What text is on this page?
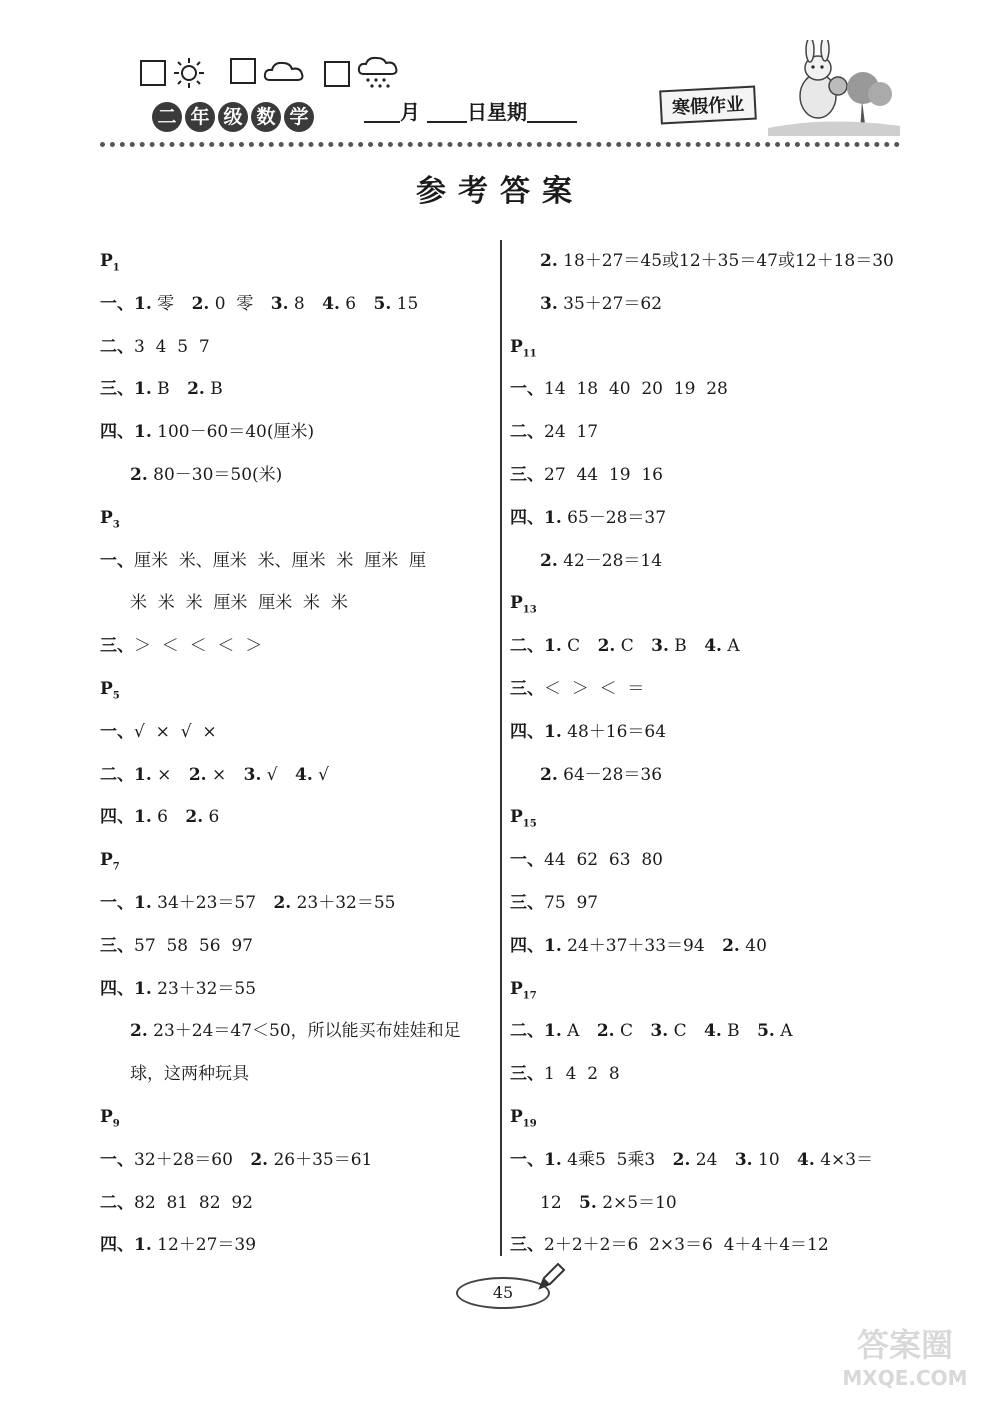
二 年 级 数 学	月 日星期	寒假作业
参考答案
$P_1$
一、1. 零 2. 0  零 3. 8 4. 6 5. 15
二、3  4  5  7
三、1. B 2. B
四、1. 100－60＝40(厘米)
2. 80－30＝50(米)
$P_3$
一、厘米  米、厘米  米、厘米  米  厘米  厘
米  米  米  厘米  厘米  米  米
三、＞  ＜  ＜  ＜  ＞
$P_5$
一、√  ×  √  ×
二、1. × 2. × 3. √ 4. √
四、1. 6 2. 6
$P_7$
一、1. 34＋23＝57 2. 23＋32＝55
三、57  58  56  97
四、1. 23＋32＝55
2. 23＋24＝47＜50，所以能买布娃娃和足
球，这两种玩具
$P_9$
一、32＋28＝60 2. 26＋35＝61
二、82  81  82  92
四、1. 12＋27＝39
2. 18＋27＝45或12＋35＝47或12＋18＝30
3. 35＋27＝62
$P_{11}$
一、14  18  40  20  19  28
二、24  17
三、27  44  19  16
四、1. 65－28＝37
2. 42－28＝14
$P_{13}$
二、1. C 2. C 3. B 4. A
三、＜  ＞  ＜  ＝
四、1. 48＋16＝64
2. 64－28＝36
$P_{15}$
一、44  62  63  80
三、75  97
四、1. 24＋37＋33＝94 2. 40
$P_{17}$
二、1. A 2. C 3. C 4. B 5. A
三、1  4  2  8
$P_{19}$
一、1. 4乘5  5乘3 2. 24 3. 10 4. 4×3＝
12 5. 2×5＝10
三、2＋2＋2＝6  2×3＝6  4＋4＋4＝12
45
答案圈
MXQE.COM
